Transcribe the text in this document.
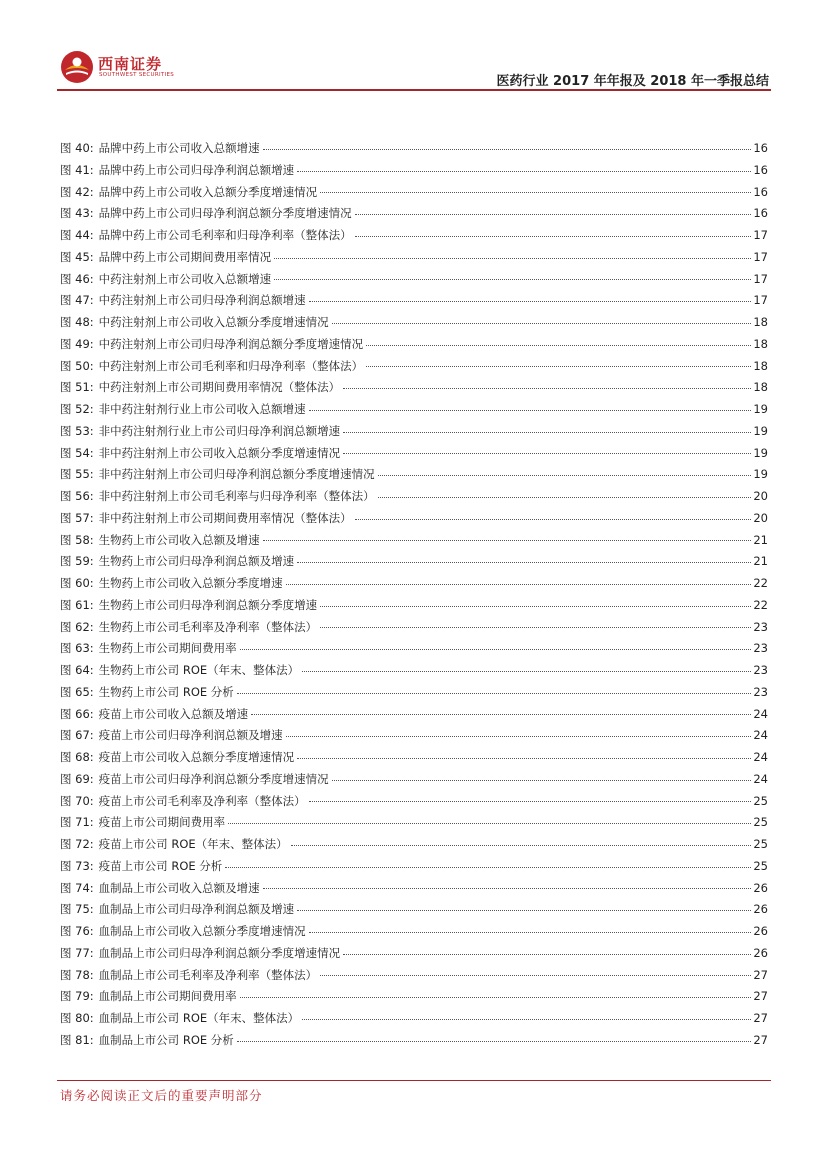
西南证券
SOUTHWEST SECURITIES	医药行业 2017 年年报及 2018 年一季报总结
图 40: 品牌中药上市公司收入总额增速	16
图 41: 品牌中药上市公司归母净利润总额增速	16
图 42: 品牌中药上市公司收入总额分季度增速情况	16
图 43: 品牌中药上市公司归母净利润总额分季度增速情况	16
图 44: 品牌中药上市公司毛利率和归母净利率（整体法）	17
图 45: 品牌中药上市公司期间费用率情况	17
图 46: 中药注射剂上市公司收入总额增速	17
图 47: 中药注射剂上市公司归母净利润总额增速	17
图 48: 中药注射剂上市公司收入总额分季度增速情况	18
图 49: 中药注射剂上市公司归母净利润总额分季度增速情况	18
图 50: 中药注射剂上市公司毛利率和归母净利率（整体法）	18
图 51: 中药注射剂上市公司期间费用率情况（整体法）	18
图 52: 非中药注射剂行业上市公司收入总额增速	19
图 53: 非中药注射剂行业上市公司归母净利润总额增速	19
图 54: 非中药注射剂上市公司收入总额分季度增速情况	19
图 55: 非中药注射剂上市公司归母净利润总额分季度增速情况	19
图 56: 非中药注射剂上市公司毛利率与归母净利率（整体法）	20
图 57: 非中药注射剂上市公司期间费用率情况（整体法）	20
图 58: 生物药上市公司收入总额及增速	21
图 59: 生物药上市公司归母净利润总额及增速	21
图 60: 生物药上市公司收入总额分季度增速	22
图 61: 生物药上市公司归母净利润总额分季度增速	22
图 62: 生物药上市公司毛利率及净利率（整体法）	23
图 63: 生物药上市公司期间费用率	23
图 64: 生物药上市公司 ROE（年末、整体法）	23
图 65: 生物药上市公司 ROE 分析	23
图 66: 疫苗上市公司收入总额及增速	24
图 67: 疫苗上市公司归母净利润总额及增速	24
图 68: 疫苗上市公司收入总额分季度增速情况	24
图 69: 疫苗上市公司归母净利润总额分季度增速情况	24
图 70: 疫苗上市公司毛利率及净利率（整体法）	25
图 71: 疫苗上市公司期间费用率	25
图 72: 疫苗上市公司 ROE（年末、整体法）	25
图 73: 疫苗上市公司 ROE 分析	25
图 74: 血制品上市公司收入总额及增速	26
图 75: 血制品上市公司归母净利润总额及增速	26
图 76: 血制品上市公司收入总额分季度增速情况	26
图 77: 血制品上市公司归母净利润总额分季度增速情况	26
图 78: 血制品上市公司毛利率及净利率（整体法）	27
图 79: 血制品上市公司期间费用率	27
图 80: 血制品上市公司 ROE（年末、整体法）	27
图 81: 血制品上市公司 ROE 分析	27
请务必阅读正文后的重要声明部分
